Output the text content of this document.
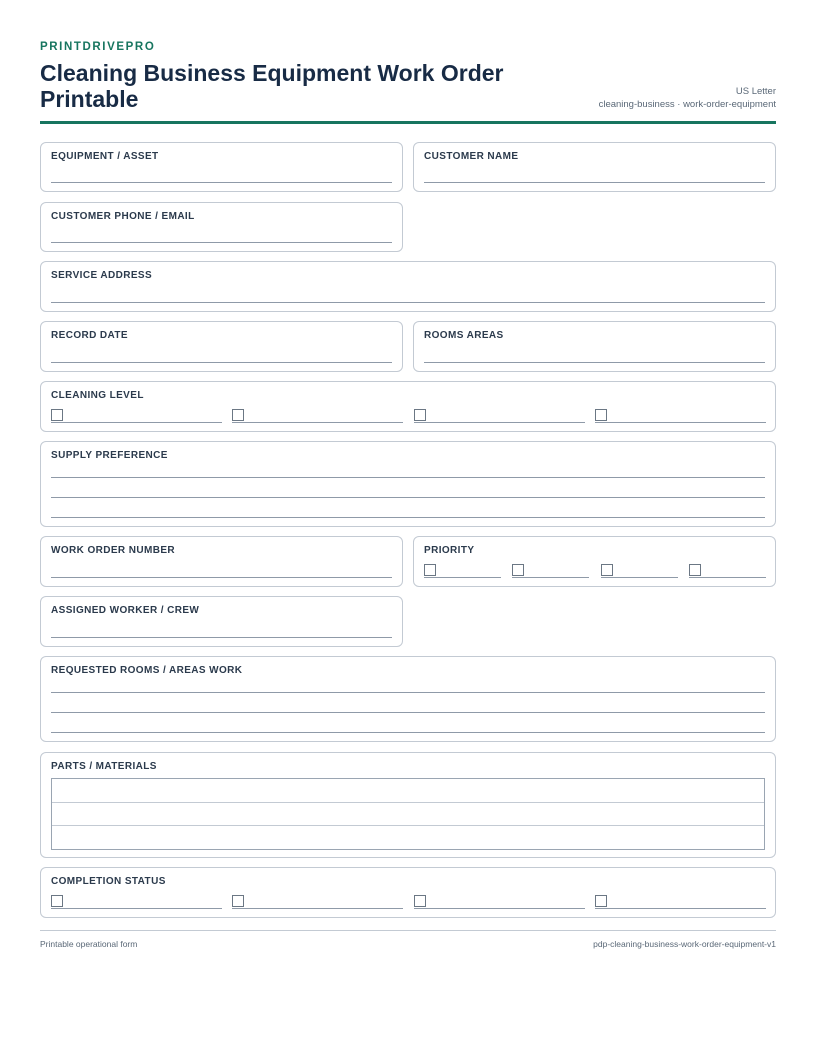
PRINTDRIVEPRO
Cleaning Business Equipment Work Order Printable	US Letter
cleaning-business · work-order-equipment
EQUIPMENT / ASSET	CUSTOMER NAME
CUSTOMER PHONE / EMAIL
SERVICE ADDRESS
RECORD DATE	ROOMS AREAS
CLEANING LEVEL
SUPPLY PREFERENCE
WORK ORDER NUMBER	PRIORITY
ASSIGNED WORKER / CREW
REQUESTED ROOMS / AREAS WORK
PARTS / MATERIALS
COMPLETION STATUS
Printable operational form	pdp-cleaning-business-work-order-equipment-v1
